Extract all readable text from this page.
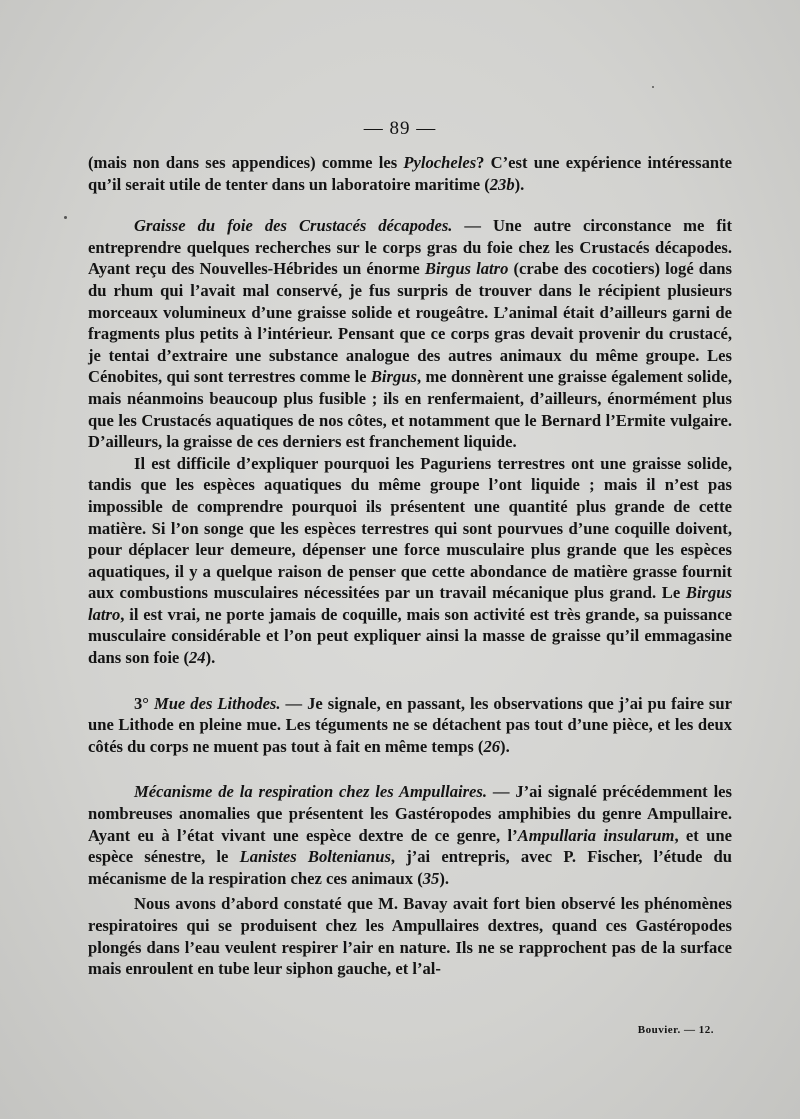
— 89 —

(mais non dans ses appendices) comme les Pylocheles? C’est une expérience intéressante qu’il serait utile de tenter dans un laboratoire maritime (23b).

Graisse du foie des Crustacés décapodes. — Une autre circonstance me fit entreprendre quelques recherches sur le corps gras du foie chez les Crustacés décapodes. Ayant reçu des Nouvelles-Hébrides un énorme Birgus latro (crabe des cocotiers) logé dans du rhum qui l’avait mal conservé, je fus surpris de trouver dans le récipient plusieurs morceaux volumineux d’une graisse solide et rougeâtre. L’animal était d’ailleurs garni de fragments plus petits à l’intérieur. Pensant que ce corps gras devait provenir du crustacé, je tentai d’extraire une substance analogue des autres animaux du même groupe. Les Cénobites, qui sont terrestres comme le Birgus, me donnèrent une graisse également solide, mais néanmoins beaucoup plus fusible ; ils en renfermaient, d’ailleurs, énormément plus que les Crustacés aquatiques de nos côtes, et notamment que le Bernard l’Ermite vulgaire. D’ailleurs, la graisse de ces derniers est franchement liquide.

Il est difficile d’expliquer pourquoi les Paguriens terrestres ont une graisse solide, tandis que les espèces aquatiques du même groupe l’ont liquide ; mais il n’est pas impossible de comprendre pourquoi ils présentent une quantité plus grande de cette matière. Si l’on songe que les espèces terrestres qui sont pourvues d’une coquille doivent, pour déplacer leur demeure, dépenser une force musculaire plus grande que les espèces aquatiques, il y a quelque raison de penser que cette abondance de matière grasse fournit aux combustions musculaires nécessitées par un travail mécanique plus grand. Le Birgus latro, il est vrai, ne porte jamais de coquille, mais son activité est très grande, sa puissance musculaire considérable et l’on peut expliquer ainsi la masse de graisse qu’il emmagasine dans son foie (24).

3° Mue des Lithodes. — Je signale, en passant, les observations que j’ai pu faire sur une Lithode en pleine mue. Les téguments ne se détachent pas tout d’une pièce, et les deux côtés du corps ne muent pas tout à fait en même temps (26).

Mécanisme de la respiration chez les Ampullaires. — J’ai signalé précédemment les nombreuses anomalies que présentent les Gastéropodes amphibies du genre Ampullaire. Ayant eu à l’état vivant une espèce dextre de ce genre, l’Ampullaria insularum, et une espèce sénestre, le Lanistes Boltenianus, j’ai entrepris, avec P. Fischer, l’étude du mécanisme de la respiration chez ces animaux (35).

Nous avons d’abord constaté que M. Bavay avait fort bien observé les phénomènes respiratoires qui se produisent chez les Ampullaires dextres, quand ces Gastéropodes plongés dans l’eau veulent respirer l’air en nature. Ils ne se rapprochent pas de la surface mais enroulent en tube leur siphon gauche, et l’al-

Bouvier. — 12.
